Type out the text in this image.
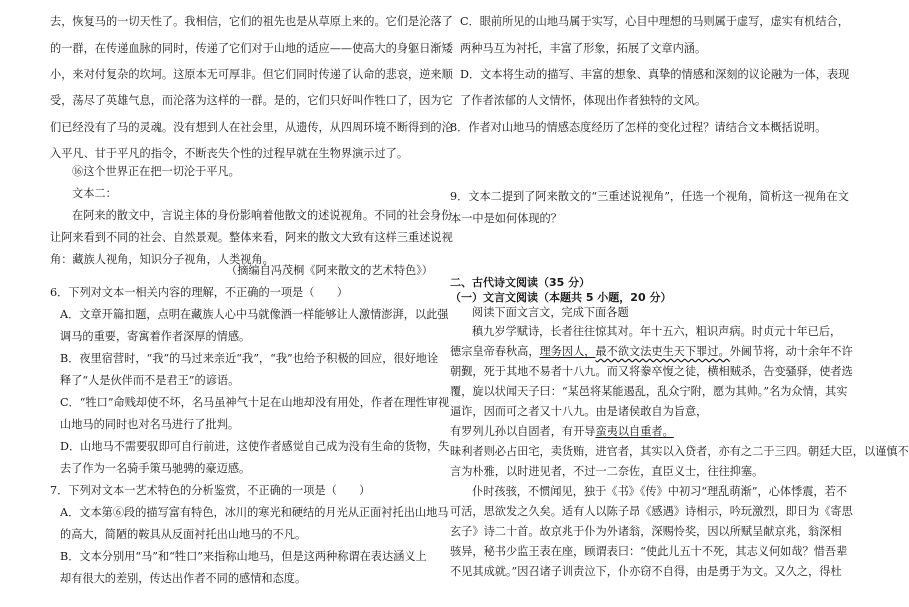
去，恢复马的一切天性了。我相信，它们的祖先也是从草原上来的。它们是沦落了
的一群，在传递血脉的同时，传递了它们对于山地的适应——使高大的身躯日渐矮
小，来对付复杂的坎坷。这原本无可厚非。但它们同时传递了认命的悲哀，逆来顺
受，荡尽了英雄气息，而沦落为这样的一群。是的，它们只好叫作牲口了，因为它
们已经没有了马的灵魂。没有想到人在社会里，从遗传，从四周环境不断得到的沦
入平凡、甘于平凡的指令，不断丧失个性的过程早就在生物界演示过了。
⑯这个世界正在把一切沦于平凡。
文本二：
在阿来的散文中，言说主体的身份影响着他散文的述说视角。不同的社会身份
让阿来看到不同的社会、自然景观。整体来看，阿来的散文大致有这样三重述说视
角：藏族人视角，知识分子视角，人类视角。
（摘编自冯茂桐《阿来散文的艺术特色》）
6．下列对文本一相关内容的理解，不正确的一项是（　　）
A．文章开篇扣题，点明在藏族人心中马就像酒一样能够让人激情澎湃，以此强
调马的重要，寄寓着作者深厚的情感。
B．夜里宿营时，“我”的马过来亲近“我”，“我”也给予积极的回应，很好地诠
释了“人是伙伴而不是君王”的谚语。
C．“牲口”命贱却使不坏，名马虽神气十足在山地却没有用处，作者在理性审视
山地马的同时也对名马进行了批判。
D．山地马不需要驭即可自行前进，这使作者感觉自己成为没有生命的货物，失
去了作为一名骑手策马驰骋的豪迈感。
7．下列对文本一艺术特色的分析鉴赏，不正确的一项是（　　）
A．文本第⑥段的描写富有特色，冰川的寒光和硬结的月光从正面衬托出山地马
的高大，简陋的鞍具从反面衬托出山地马的不凡。
B．文本分别用“马”和“牲口”来指称山地马，但是这两种称谓在表达涵义上
却有很大的差别，传达出作者不同的感情和态度。
C．眼前所见的山地马属于实写，心目中理想的马则属于虚写，虚实有机结合，
两种马互为衬托，丰富了形象，拓展了文章内涵。
D．文本将生动的描写、丰富的想象、真挚的情感和深刻的议论融为一体，表现
了作者浓郁的人文情怀，体现出作者独特的文风。
8．作者对山地马的情感态度经历了怎样的变化过程？请结合文本概括说明。
9．文本二提到了阿来散文的“三重述说视角”，任选一个视角，简析这一视角在文
本一中是如何体现的？
二、古代诗文阅读（35 分）
（一）文言文阅读（本题共 5 小题，20 分）
阅读下面文言文，完成下面各题
稹九岁学赋诗，长者往往惊其对。年十五六，粗识声病。时贞元十年已后，
德宗皇帝春秋高，理务因人，最不欲文法吏生天下罪过。外阃节将，动十余年不许
朝觐，死于其地不易者十八九。而又将豢卒愎之徒，横相贼杀，告变骚驿，使者选
覆，旋以状闻天子曰：“某邑将某能遏乱，乱众宁附，愿为其帅。”名为众情，其实
逼诈，因而可之者又十八九。由是诸侯敢自为旨意，
有罗列儿孙以自固者，有开导蛮夷以自重者。
昧利者则必占田宅，卖货贿，进官者，其实以入贷者，亦有之二于三四。朝廷大臣，以谨慎不
言为朴雅，以时进见者，不过一二奈佐，直臣义士，往往抑塞。
仆时孩骇，不惯闻见，独于《书》《传》中初习“理乱萌渐”，心体悸震，若不
可活，思欲发之久矣。适有人以陈子昂《感遇》诗相示，吟玩激烈，即日为《寄思
玄子》诗二十首。故京兆于仆为外诸翁，深赐怜奖，因以所赋呈献京兆，翁深相
骇异，秘书少监王表在座，顾谓表曰：“使此儿五十不死，其志义何如哉？惜吾辈
不见其成就。”因召诸子训责泣下，仆亦窃不自得，由是勇于为文。又久之，得杜
